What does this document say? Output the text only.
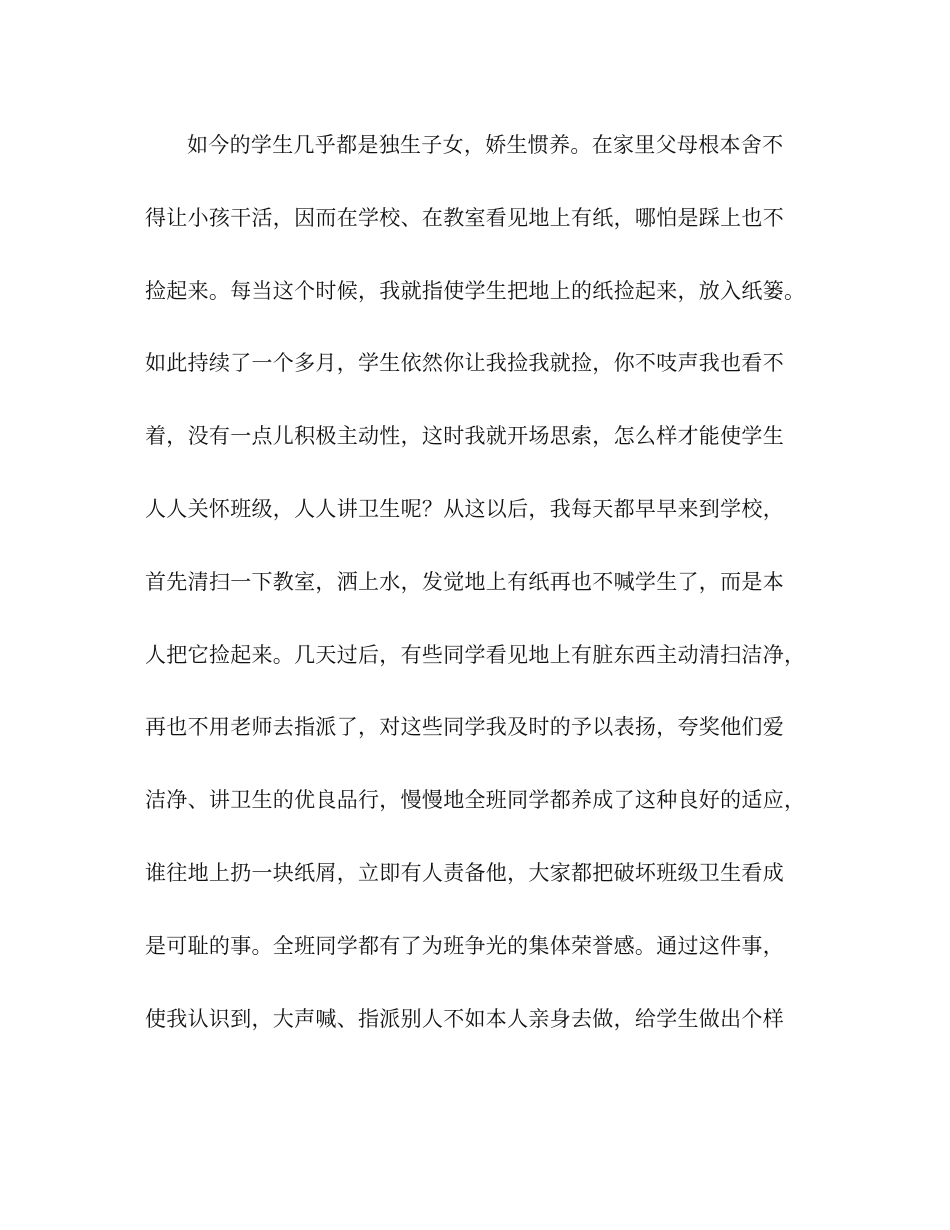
如今的学生几乎都是独生子女，娇生惯养。在家里父母根本舍不
得让小孩干活，因而在学校、在教室看见地上有纸，哪怕是踩上也不
捡起来。每当这个时候，我就指使学生把地上的纸捡起来，放入纸篓。
如此持续了一个多月，学生依然你让我捡我就捡，你不吱声我也看不
着，没有一点儿积极主动性，这时我就开场思索，怎么样才能使学生
人人关怀班级，人人讲卫生呢？从这以后，我每天都早早来到学校，
首先清扫一下教室，洒上水，发觉地上有纸再也不喊学生了，而是本
人把它捡起来。几天过后，有些同学看见地上有脏东西主动清扫洁净，
再也不用老师去指派了，对这些同学我及时的予以表扬，夸奖他们爱
洁净、讲卫生的优良品行，慢慢地全班同学都养成了这种良好的适应，
谁往地上扔一块纸屑，立即有人责备他，大家都把破坏班级卫生看成
是可耻的事。全班同学都有了为班争光的集体荣誉感。通过这件事，
使我认识到，大声喊、指派别人不如本人亲身去做，给学生做出个样
